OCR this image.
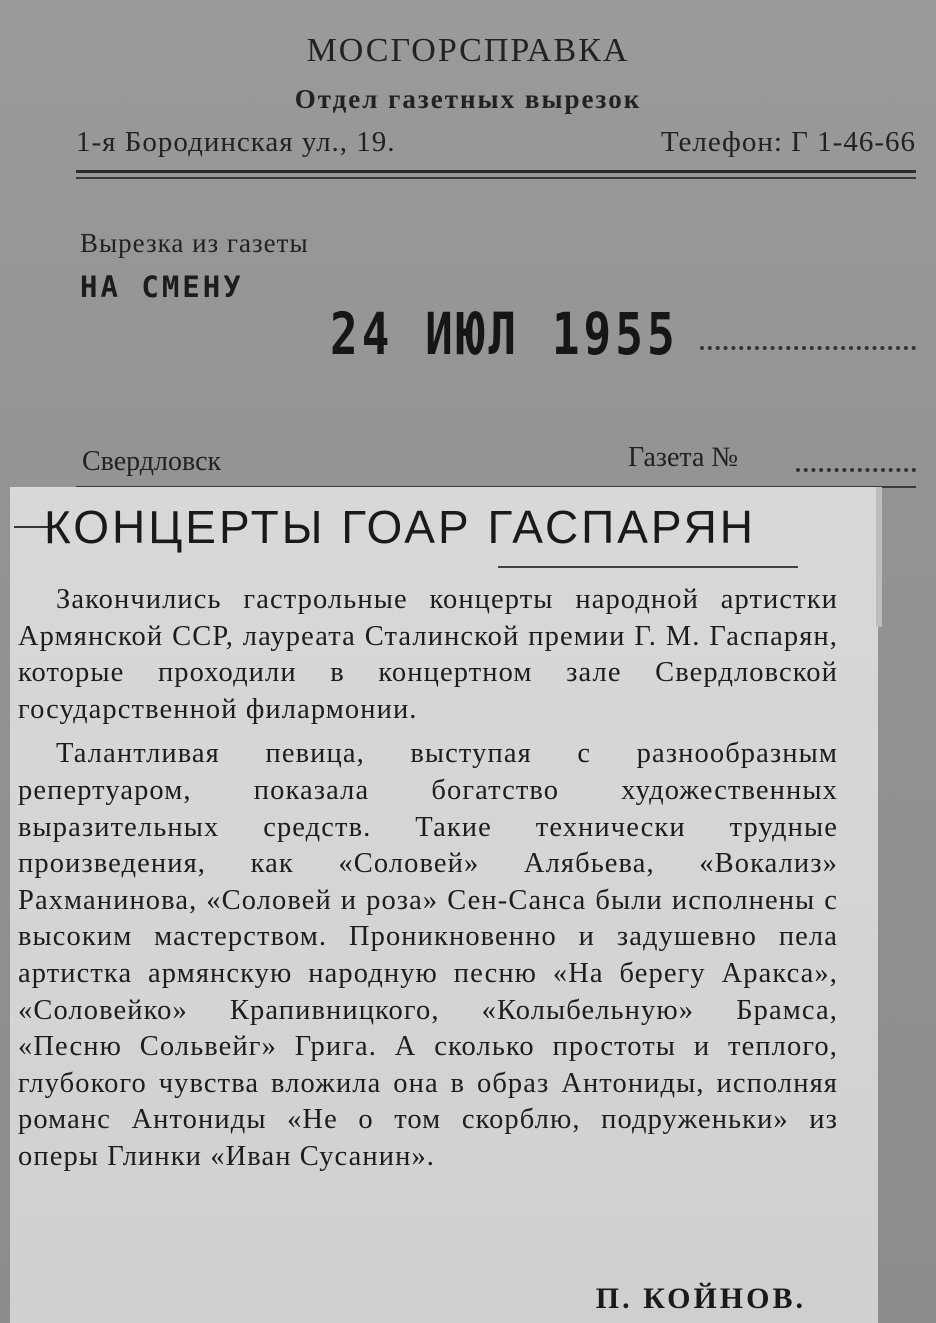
МОСГОРСПРАВКА
Отдел газетных вырезок
1-я Бородинская ул., 19.	Телефон: Г 1-46-66
Вырезка из газеты
НА СМЕНУ
24 ИЮЛ 1955
Свердловск	Газета №
КОНЦЕРТЫ ГОАР ГАСПАРЯН

Закончились гастрольные концерты народной артистки Армянской ССР, лауреата Сталинской премии Г. М. Гаспарян, которые проходили в концертном зале Свердловской государственной филармонии.

Талантливая певица, выступая с разнообразным репертуаром, показала богатство художественных выразительных средств. Такие технически трудные произведения, как «Соловей» Алябьева, «Вокализ» Рахманинова, «Соловей и роза» Сен-Санса были исполнены с высоким мастерством. Проникновенно и задушевно пела артистка армянскую народную песню «На берегу Аракса», «Соловейко» Крапивницкого, «Колыбельную» Брамса, «Песню Сольвейг» Грига. А сколько простоты и теплого, глубокого чувства вложила она в образ Антониды, исполняя романс Антониды «Не о том скорблю, подруженьки» из оперы Глинки «Иван Сусанин».

П. КОЙНОВ.
